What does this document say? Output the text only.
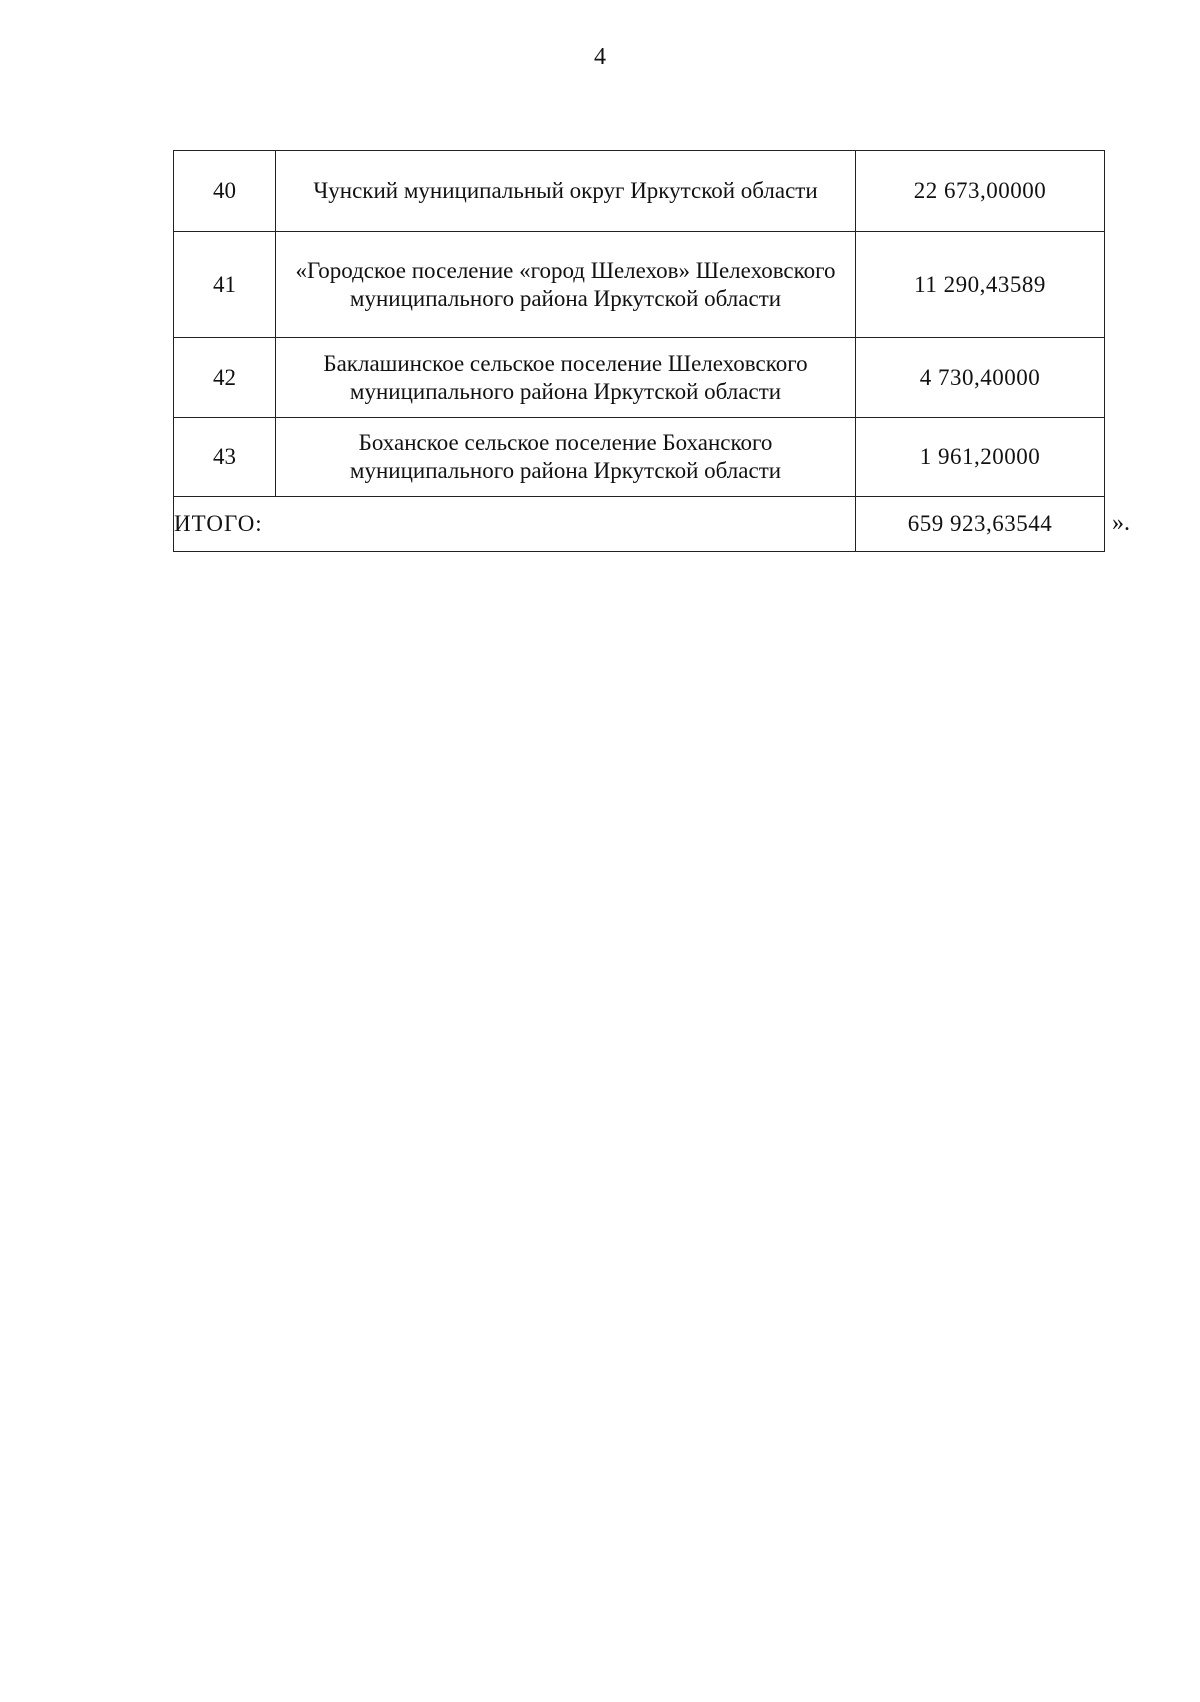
4
40	Чунский муниципальный округ Иркутской области	22 673,00000
41	«Городское поселение «город Шелехов» Шелеховского муниципального района Иркутской области	11 290,43589
42	Баклашинское сельское поселение Шелеховского муниципального района Иркутской области	4 730,40000
43	Боханское сельское поселение Боханского муниципального района Иркутской области	1 961,20000
ИТОГО:		659 923,63544 ».
